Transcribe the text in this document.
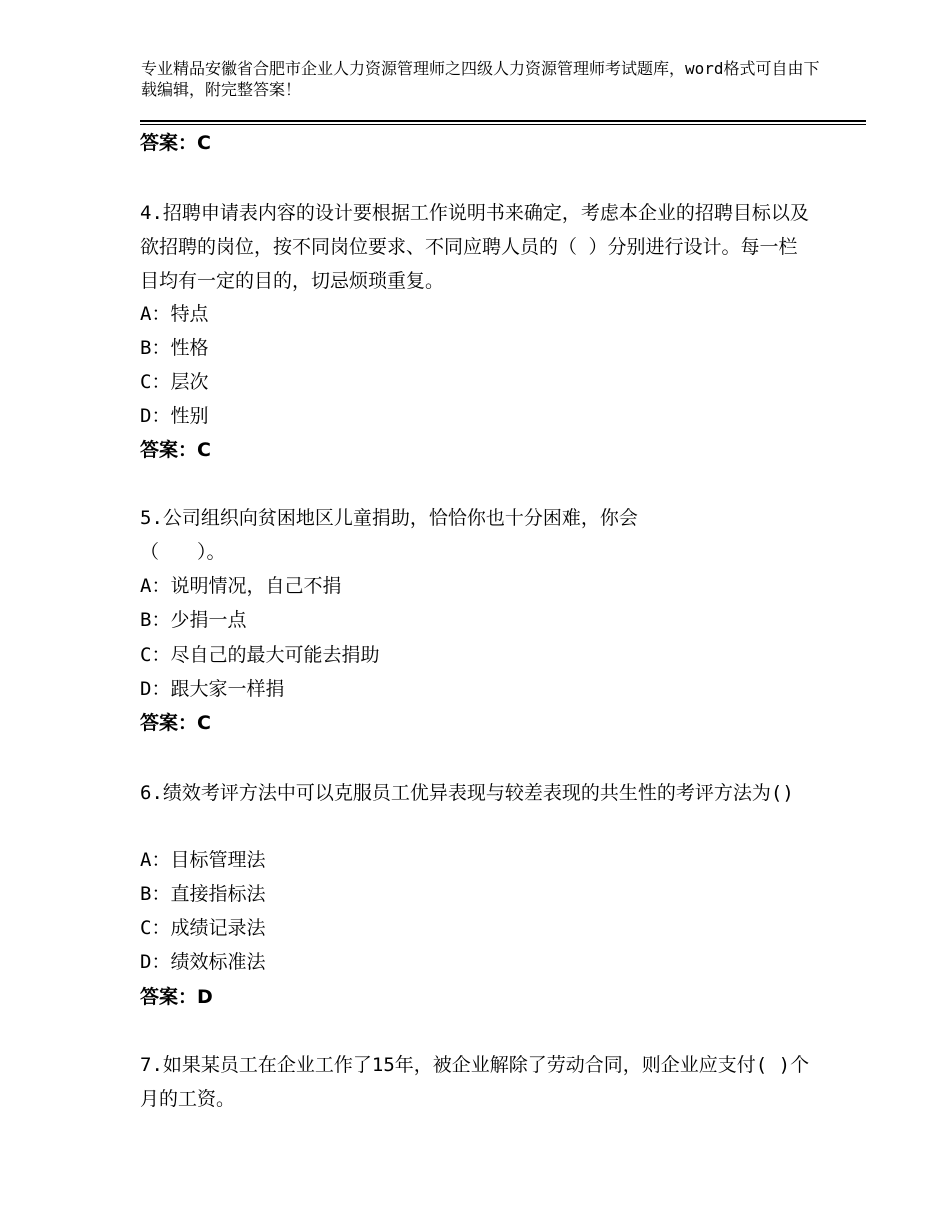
专业精品安徽省合肥市企业人力资源管理师之四级人力资源管理师考试题库，word格式可自由下载编辑，附完整答案！
答案：C
4.招聘申请表内容的设计要根据工作说明书来确定，考虑本企业的招聘目标以及欲招聘的岗位，按不同岗位要求、不同应聘人员的（ ）分别进行设计。每一栏目均有一定的目的，切忌烦琐重复。
A：特点
B：性格
C：层次
D：性别
答案：C
5.公司组织向贫困地区儿童捐助，恰恰你也十分困难，你会
（　　）。
A：说明情况，自己不捐
B：少捐一点
C：尽自己的最大可能去捐助
D：跟大家一样捐
答案：C
6.绩效考评方法中可以克服员工优异表现与较差表现的共生性的考评方法为()
A：目标管理法
B：直接指标法
C：成绩记录法
D：绩效标准法
答案：D
7.如果某员工在企业工作了15年，被企业解除了劳动合同，则企业应支付( )个月的工资。
